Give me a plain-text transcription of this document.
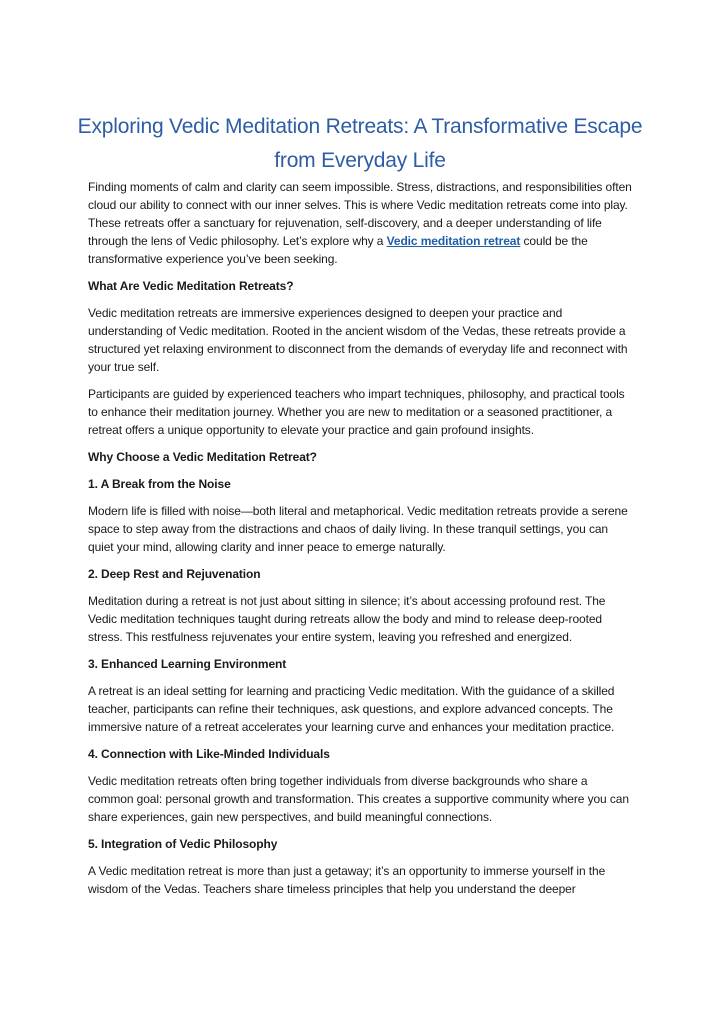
Exploring Vedic Meditation Retreats: A Transformative Escape from Everyday Life

Finding moments of calm and clarity can seem impossible. Stress, distractions, and responsibilities often cloud our ability to connect with our inner selves. This is where Vedic meditation retreats come into play. These retreats offer a sanctuary for rejuvenation, self-discovery, and a deeper understanding of life through the lens of Vedic philosophy. Let’s explore why a Vedic meditation retreat could be the transformative experience you’ve been seeking.

What Are Vedic Meditation Retreats?

Vedic meditation retreats are immersive experiences designed to deepen your practice and understanding of Vedic meditation. Rooted in the ancient wisdom of the Vedas, these retreats provide a structured yet relaxing environment to disconnect from the demands of everyday life and reconnect with your true self.

Participants are guided by experienced teachers who impart techniques, philosophy, and practical tools to enhance their meditation journey. Whether you are new to meditation or a seasoned practitioner, a retreat offers a unique opportunity to elevate your practice and gain profound insights.

Why Choose a Vedic Meditation Retreat?

1. A Break from the Noise

Modern life is filled with noise—both literal and metaphorical. Vedic meditation retreats provide a serene space to step away from the distractions and chaos of daily living. In these tranquil settings, you can quiet your mind, allowing clarity and inner peace to emerge naturally.

2. Deep Rest and Rejuvenation

Meditation during a retreat is not just about sitting in silence; it’s about accessing profound rest. The Vedic meditation techniques taught during retreats allow the body and mind to release deep-rooted stress. This restfulness rejuvenates your entire system, leaving you refreshed and energized.

3. Enhanced Learning Environment

A retreat is an ideal setting for learning and practicing Vedic meditation. With the guidance of a skilled teacher, participants can refine their techniques, ask questions, and explore advanced concepts. The immersive nature of a retreat accelerates your learning curve and enhances your meditation practice.

4. Connection with Like-Minded Individuals

Vedic meditation retreats often bring together individuals from diverse backgrounds who share a common goal: personal growth and transformation. This creates a supportive community where you can share experiences, gain new perspectives, and build meaningful connections.

5. Integration of Vedic Philosophy

A Vedic meditation retreat is more than just a getaway; it’s an opportunity to immerse yourself in the wisdom of the Vedas. Teachers share timeless principles that help you understand the deeper
